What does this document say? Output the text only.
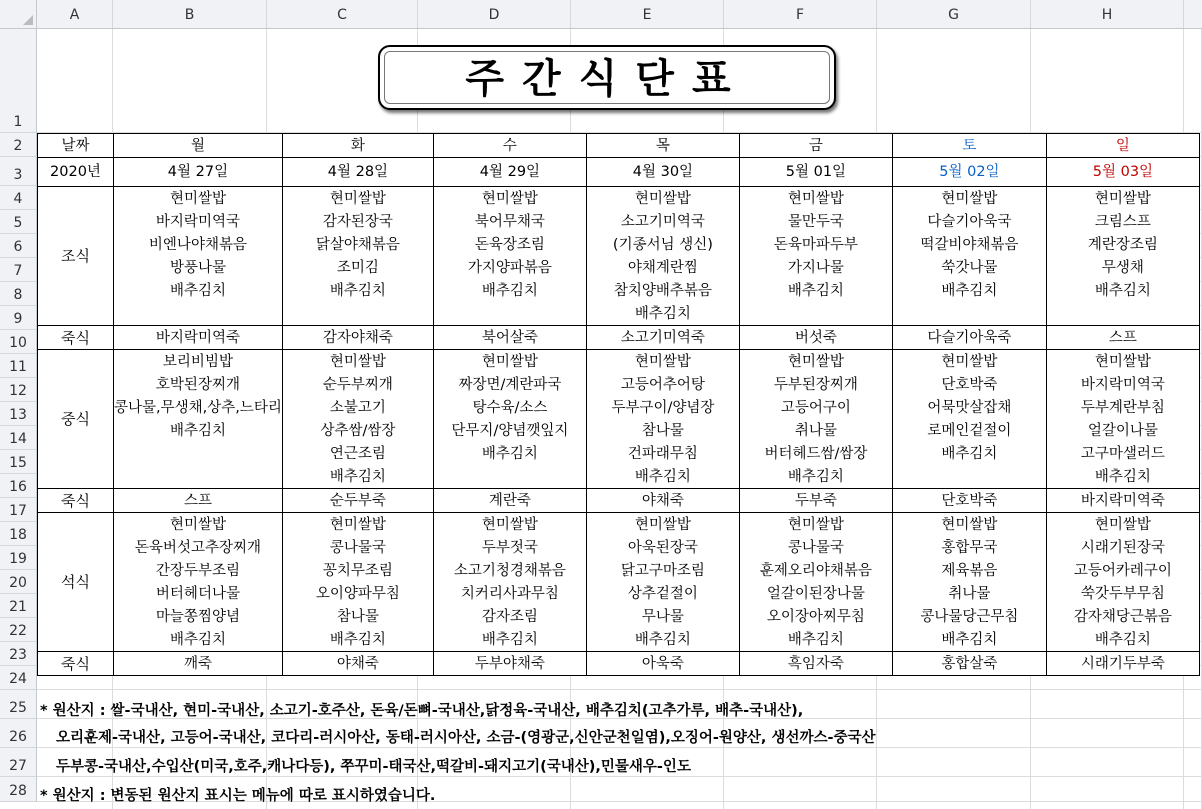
A	B	C	D	E	F	G	H
1
2
3
4
5
6
7
8
9
10
11
12
13
14
15
16
17
18
19
20
21
22
23
24
25
26
27
28
주간식단표
날짜	월	화	수	목	금	토	일
2020년	4월 27일	4월 28일	4월 29일	4월 30일	5월 01일	5월 02일	5월 03일
조식	현미쌀밥	현미쌀밥	현미쌀밥	현미쌀밥	현미쌀밥	현미쌀밥	현미쌀밥
	바지락미역국	감자된장국	북어무채국	소고기미역국	물만두국	다슬기아욱국	크림스프
	비엔나야채볶음	닭살야채볶음	돈육장조림	(기종서님 생신)	돈육마파두부	떡갈비야채볶음	계란장조림
	방풍나물	조미김	가지양파볶음	야채계란찜	가지나물	쑥갓나물	무생채
	배추김치	배추김치	배추김치	참치양배추볶음	배추김치	배추김치	배추김치
				배추김치			
죽식	바지락미역죽	감자야채죽	북어살죽	소고기미역죽	버섯죽	다슬기아욱죽	스프
중식	보리비빔밥	현미쌀밥	현미쌀밥	현미쌀밥	현미쌀밥	현미쌀밥	현미쌀밥
	호박된장찌개	순두부찌개	짜장면/계란파국	고등어추어탕	두부된장찌개	단호박죽	바지락미역국
	콩나물,무생채,상추,느타리	소불고기	탕수육/소스	두부구이/양념장	고등어구이	어묵맛살잡채	두부계란부침
	배추김치	상추쌈/쌈장	단무지/양념깻잎지	참나물	취나물	로메인겉절이	얼갈이나물
		연근조림	배추김치	건파래무침	버터헤드쌈/쌈장	배추김치	고구마샐러드
		배추김치		배추김치	배추김치		배추김치
죽식	스프	순두부죽	계란죽	야채죽	두부죽	단호박죽	바지락미역죽
석식	현미쌀밥	현미쌀밥	현미쌀밥	현미쌀밥	현미쌀밥	현미쌀밥	현미쌀밥
	돈육버섯고추장찌개	콩나물국	두부젓국	아욱된장국	콩나물국	홍합무국	시래기된장국
	간장두부조림	꽁치무조림	소고기청경채볶음	닭고구마조림	훈제오리야채볶음	제육볶음	고등어카레구이
	버터헤더나물	오이양파무침	치커리사과무침	상추겉절이	얼갈이된장나물	취나물	쑥갓두부무침
	마늘쫑찜양념	참나물	감자조림	무나물	오이장아찌무침	콩나물당근무침	감자채당근볶음
	배추김치	배추김치	배추김치	배추김치	배추김치	배추김치	배추김치
죽식	깨죽	야채죽	두부야채죽	아욱죽	흑임자죽	홍합살죽	시래기두부죽
* 원산지 : 쌀-국내산, 현미-국내산, 소고기-호주산, 돈육/돈뼈-국내산,닭정육-국내산, 배추김치(고추가루, 배추-국내산),
오리훈제-국내산, 고등어-국내산, 코다리-러시아산, 동태-러시아산, 소금-(영광군,신안군천일염),오징어-원양산, 생선까스-중국산
두부콩-국내산,수입산(미국,호주,캐나다등), 쭈꾸미-태국산,떡갈비-돼지고기(국내산),민물새우-인도
* 원산지 : 변동된 원산지 표시는 메뉴에 따로 표시하였습니다.
